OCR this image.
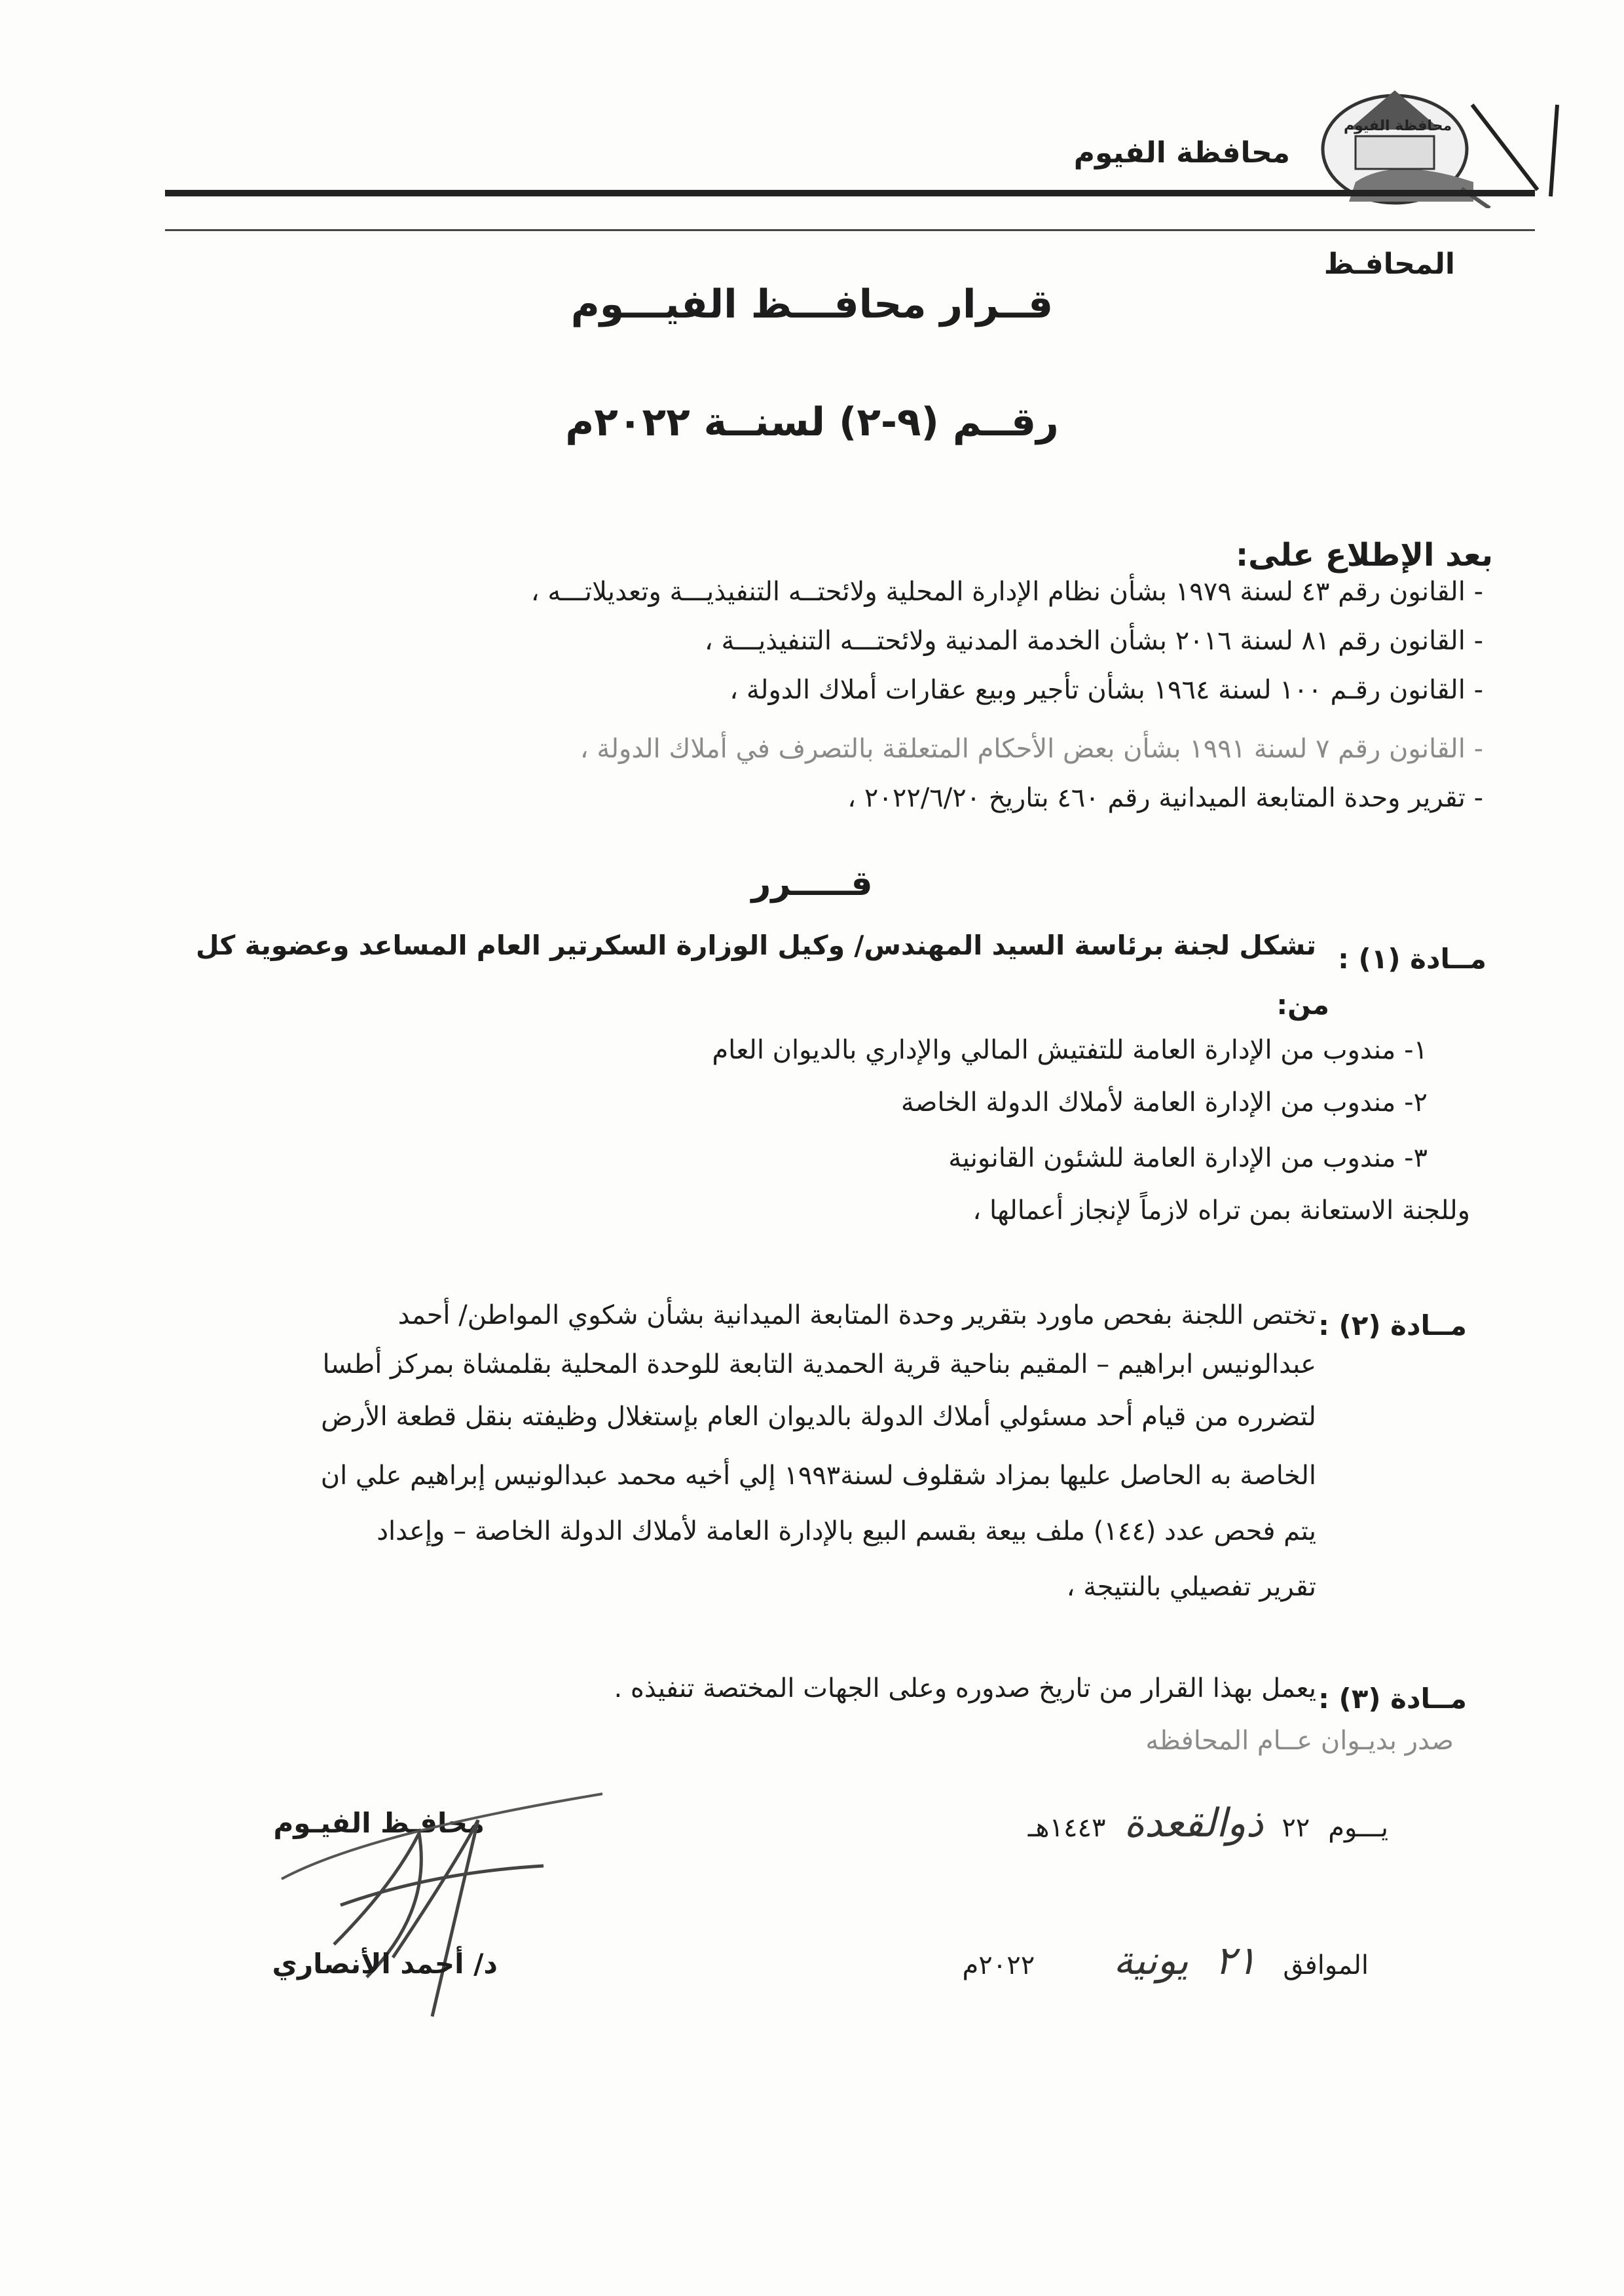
محافظة الفيوم
محافظة الفيوم
المحافـظ
قــرار محافـــظ الفيـــوم
رقــم (٩-٢) لسنــة ٢٠٢٢م
بعد الإطلاع على:
- القانون رقم ٤٣ لسنة ١٩٧٩ بشأن نظام الإدارة المحلية ولائحتــه التنفيذيـــة وتعديلاتـــه ،
- القانون رقم ٨١ لسنة ٢٠١٦ بشأن الخدمة المدنية ولائحتـــه التنفيذيـــة ،
- القانون رقـم ١٠٠ لسنة ١٩٦٤ بشأن تأجير وبيع عقارات أملاك الدولة ،
- القانون رقم ٧ لسنة ١٩٩١ بشأن بعض الأحكام المتعلقة بالتصرف في أملاك الدولة ،
- تقرير وحدة المتابعة الميدانية رقم ٤٦٠ بتاريخ ٢٠٢٢/٦/٢٠ ،
قـــــرر
مــادة (١) :
تشكل لجنة برئاسة السيد المهندس/ وكيل الوزارة السكرتير العام المساعد وعضوية كل
من:
١- مندوب من الإدارة العامة للتفتيش المالي والإداري بالديوان العام
٢- مندوب من الإدارة العامة لأملاك الدولة الخاصة
٣- مندوب من الإدارة العامة للشئون القانونية
وللجنة الاستعانة بمن تراه لازماً لإنجاز أعمالها ،
مــادة (٢) :
تختص اللجنة بفحص ماورد بتقرير وحدة المتابعة الميدانية بشأن شكوي المواطن/ أحمد
عبدالونيس ابراهيم – المقيم بناحية قرية الحمدية التابعة للوحدة المحلية بقلمشاة بمركز أطسا
لتضرره من قيام أحد مسئولي أملاك الدولة بالديوان العام بإستغلال وظيفته بنقل قطعة الأرض
الخاصة به الحاصل عليها بمزاد شقلوف لسنة١٩٩٣ إلي أخيه محمد عبدالونيس إبراهيم علي ان
يتم فحص عدد (١٤٤) ملف بيعة بقسم البيع بالإدارة العامة لأملاك الدولة الخاصة – وإعداد
تقرير تفصيلي بالنتيجة ،
مــادة (٣) :
يعمل بهذا القرار من تاريخ صدوره وعلى الجهات المختصة تنفيذه .
صدر بديـوان عــام المحافظه
يـــوم
٢٢
ذوالقعدة
١٤٤٣هـ
الموافق
٢١
يونية
٢٠٢٢م
محافـظ الفيـوم
د/ أحمد الأنصاري
